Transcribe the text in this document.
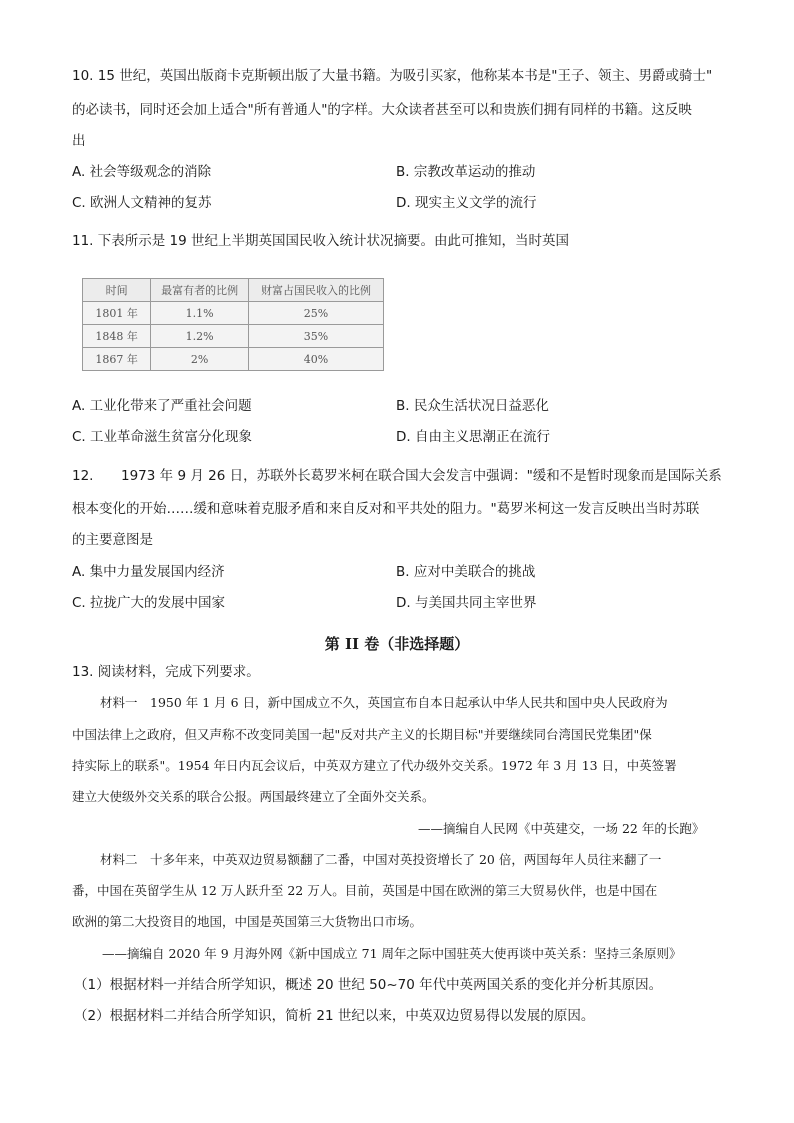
10. 15 世纪，英国出版商卡克斯顿出版了大量书籍。为吸引买家，他称某本书是"王子、领主、男爵或骑士"
的必读书，同时还会加上适合"所有普通人"的字样。大众读者甚至可以和贵族们拥有同样的书籍。这反映
出
A. 社会等级观念的消除	B. 宗教改革运动的推动
C. 欧洲人文精神的复苏	D. 现实主义文学的流行
11. 下表所示是 19 世纪上半期英国国民收入统计状况摘要。由此可推知，当时英国
时间	最富有者的比例	财富占国民收入的比例
1801 年	1.1%	25%
1848 年	1.2%	35%
1867 年	2%	40%
A. 工业化带来了严重社会问题	B. 民众生活状况日益恶化
C. 工业革命滋生贫富分化现象	D. 自由主义思潮正在流行
12. 1973 年 9 月 26 日，苏联外长葛罗米柯在联合国大会发言中强调："缓和不是暂时现象而是国际关系
根本变化的开始……缓和意味着克服矛盾和来自反对和平共处的阻力。"葛罗米柯这一发言反映出当时苏联
的主要意图是
A. 集中力量发展国内经济	B. 应对中美联合的挑战
C. 拉拢广大的发展中国家	D. 与美国共同主宰世界
第 II 卷（非选择题）
13. 阅读材料，完成下列要求。
材料一　1950 年 1 月 6 日，新中国成立不久，英国宣布自本日起承认中华人民共和国中央人民政府为
中国法律上之政府，但又声称不改变同美国一起"反对共产主义的长期目标"并要继续同台湾国民党集团"保
持实际上的联系"。1954 年日内瓦会议后，中英双方建立了代办级外交关系。1972 年 3 月 13 日，中英签署
建立大使级外交关系的联合公报。两国最终建立了全面外交关系。
——摘编自人民网《中英建交，一场 22 年的长跑》
材料二　十多年来，中英双边贸易额翻了二番，中国对英投资增长了 20 倍，两国每年人员往来翻了一
番，中国在英留学生从 12 万人跃升至 22 万人。目前，英国是中国在欧洲的第三大贸易伙伴，也是中国在
欧洲的第二大投资目的地国，中国是英国第三大货物出口市场。
——摘编自 2020 年 9 月海外网《新中国成立 71 周年之际中国驻英大使再谈中英关系：坚持三条原则》
（1）根据材料一并结合所学知识，概述 20 世纪 50~70 年代中英两国关系的变化并分析其原因。
（2）根据材料二并结合所学知识，简析 21 世纪以来，中英双边贸易得以发展的原因。
